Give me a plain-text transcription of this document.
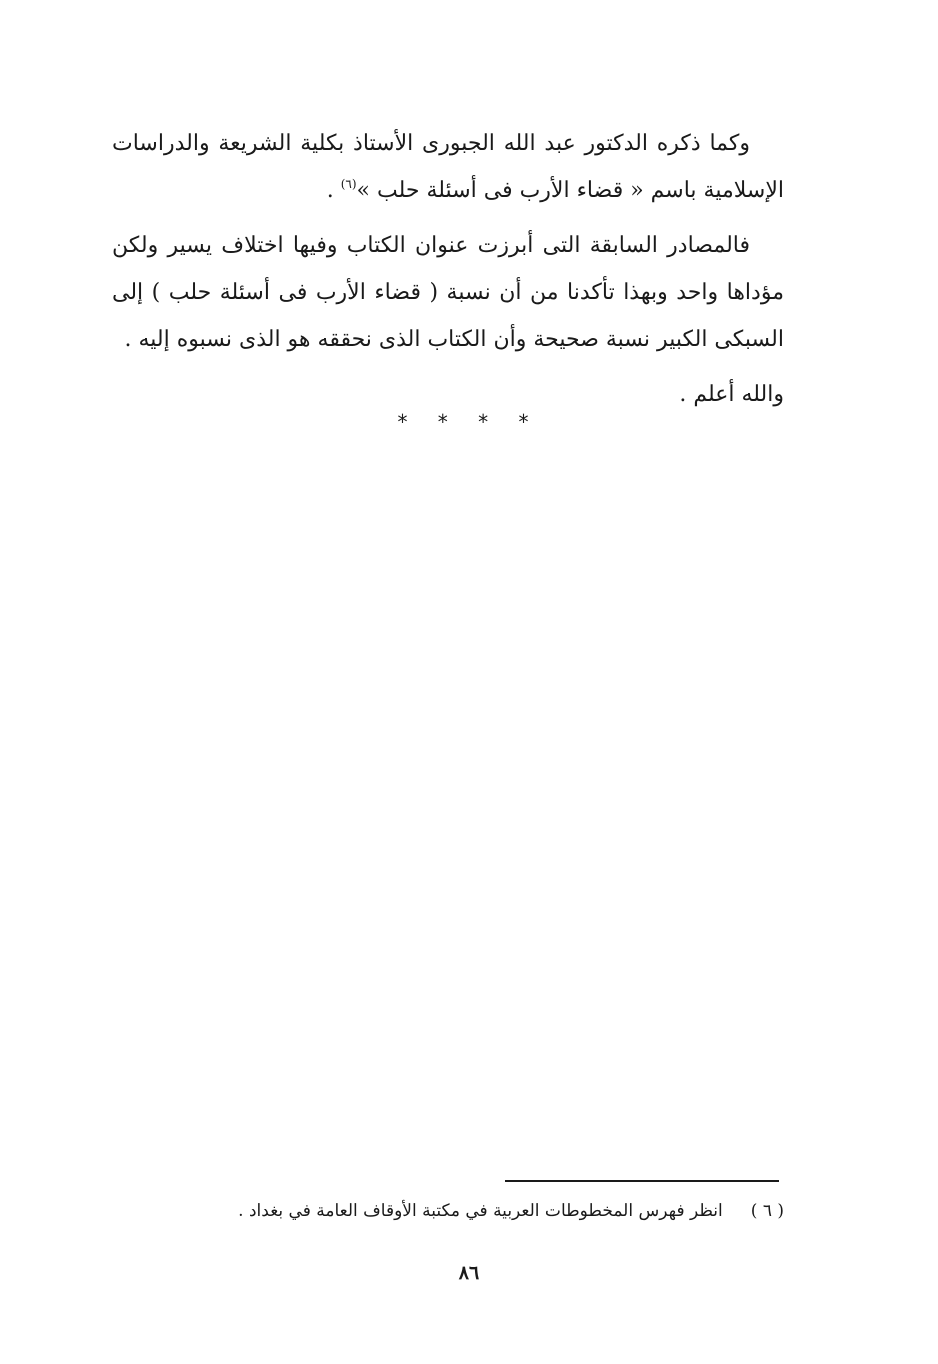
وكما ذكره الدكتور عبد الله الجبورى الأستاذ بكلية الشريعة والدراسات الإسلامية باسم « قضاء الأرب فى أسئلة حلب »$^{(٦)}$ .

فالمصادر السابقة التى أبرزت عنوان الكتاب وفيها اختلاف يسير ولكن مؤداها واحد وبهذا تأكدنا من أن نسبة ( قضاء الأرب فى أسئلة حلب ) إلى السبكى الكبير نسبة صحيحة وأن الكتاب الذى نحققه هو الذى نسبوه إليه .

والله أعلم .

* * * *
( ٦ )انظر فهرس المخطوطات العربية في مكتبة الأوقاف العامة في بغداد .
٨٦
